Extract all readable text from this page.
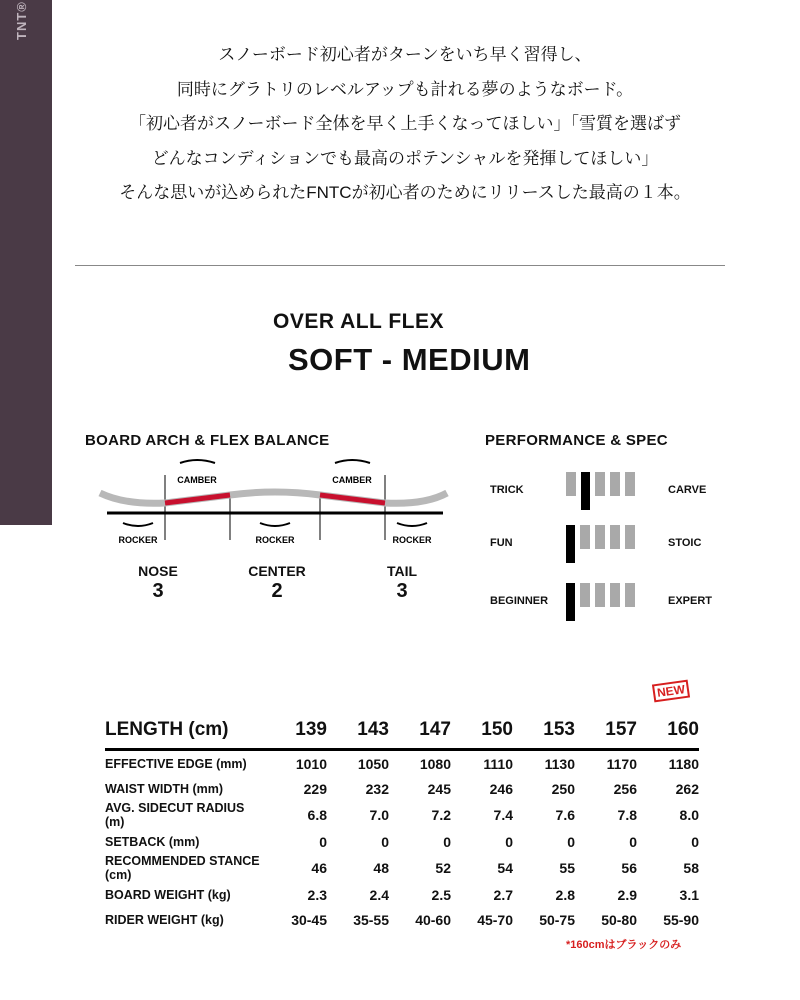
TNT®

スノーボード初心者がターンをいち早く習得し、

同時にグラトリのレベルアップも計れる夢のようなボード。

「初心者がスノーボード全体を早く上手くなってほしい」「雪質を選ばず

どんなコンディションでも最高のポテンシャルを発揮してほしい」

そんな思いが込められたFNTCが初心者のためにリリースした最高の１本。

OVER ALL FLEX
SOFT - MEDIUM
BOARD ARCH & FLEX BALANCE
CAMBER	CAMBER
ROCKER	ROCKER	ROCKER
NOSE
3
CENTER
2
TAIL
3
PERFORMANCE & SPEC
TRICK	CARVE
FUN	STOIC
BEGINNER	EXPERT
NEW
LENGTH (cm)	139	143	147	150	153	157	160
EFFECTIVE EDGE (mm)	1010	1050	1080	1110	1130	1170	1180
WAIST WIDTH (mm)	229	232	245	246	250	256	262
AVG. SIDECUT RADIUS (m)	6.8	7.0	7.2	7.4	7.6	7.8	8.0
SETBACK (mm)	0	0	0	0	0	0	0
RECOMMENDED STANCE (cm)	46	48	52	54	55	56	58
BOARD WEIGHT (kg)	2.3	2.4	2.5	2.7	2.8	2.9	3.1
RIDER WEIGHT (kg)	30-45	35-55	40-60	45-70	50-75	50-80	55-90
*160cmはブラックのみ
